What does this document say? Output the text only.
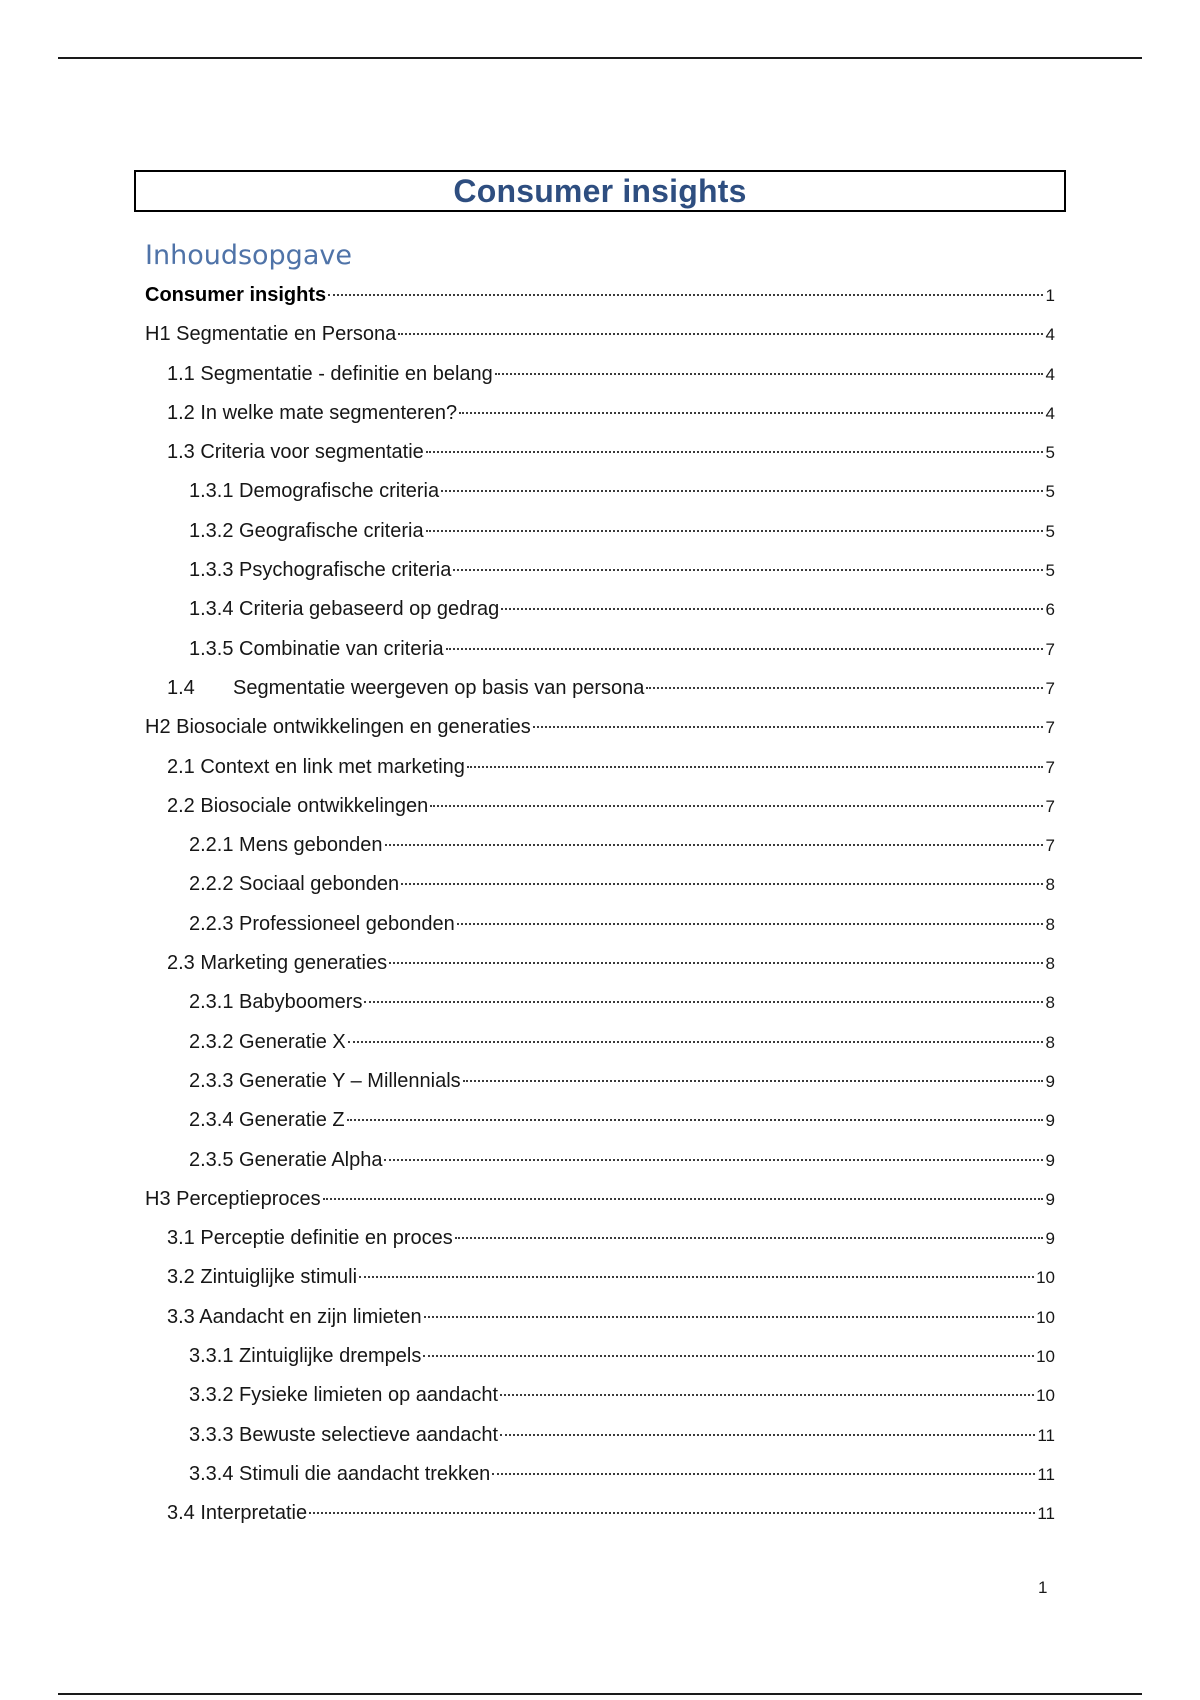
Consumer insights
Inhoudsopgave
Consumer insights	1
H1 Segmentatie en Persona	4
1.1 Segmentatie - definitie en belang	4
1.2 In welke mate segmenteren?	4
1.3 Criteria voor segmentatie	5
1.3.1 Demografische criteria	5
1.3.2 Geografische criteria	5
1.3.3 Psychografische criteria	5
1.3.4 Criteria gebaseerd op gedrag	6
1.3.5 Combinatie van criteria	7
1.4	Segmentatie weergeven op basis van persona	7
H2 Biosociale ontwikkelingen en generaties	7
2.1 Context en link met marketing	7
2.2 Biosociale ontwikkelingen	7
2.2.1 Mens gebonden	7
2.2.2 Sociaal gebonden	8
2.2.3 Professioneel gebonden	8
2.3 Marketing generaties	8
2.3.1 Babyboomers	8
2.3.2 Generatie X	8
2.3.3 Generatie Y – Millennials	9
2.3.4 Generatie Z	9
2.3.5 Generatie Alpha	9
H3 Perceptieproces	9
3.1 Perceptie definitie en proces	9
3.2 Zintuiglijke stimuli	10
3.3 Aandacht en zijn limieten	10
3.3.1 Zintuiglijke drempels	10
3.3.2 Fysieke limieten op aandacht	10
3.3.3 Bewuste selectieve aandacht	11
3.3.4 Stimuli die aandacht trekken	11
3.4 Interpretatie	11
1
